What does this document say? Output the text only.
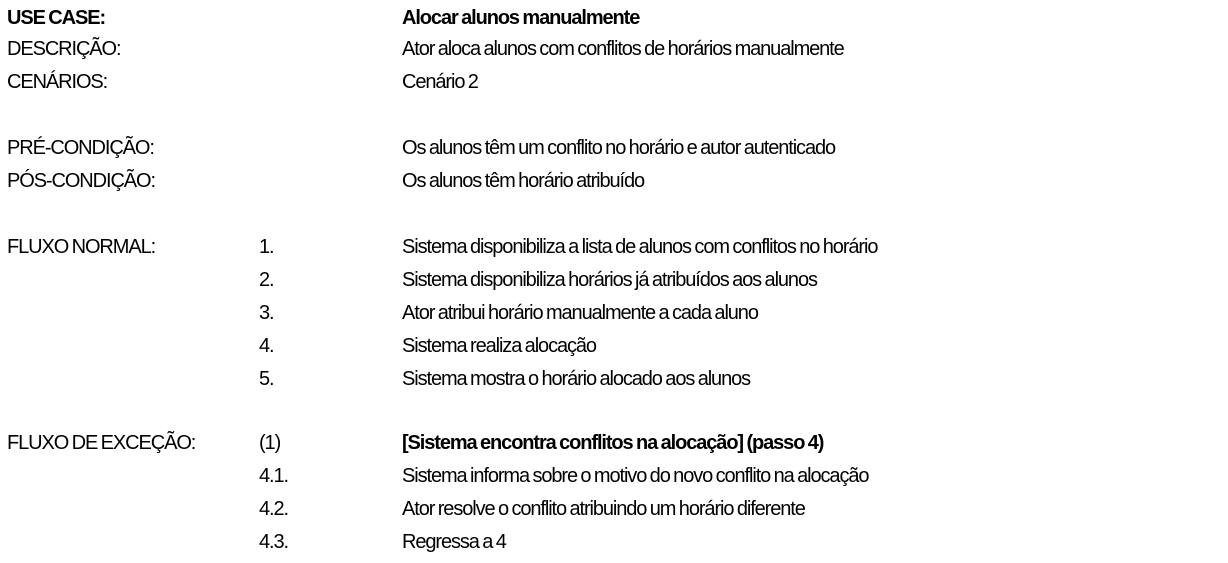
USE CASE:	Alocar alunos manualmente
DESCRIÇÃO:	Ator aloca alunos com conflitos de horários manualmente
CENÁRIOS:	Cenário 2
PRÉ-CONDIÇÃO:	Os alunos têm um conflito no horário e autor autenticado
PÓS-CONDIÇÃO:	Os alunos têm horário atribuído
FLUXO NORMAL:	1.	Sistema disponibiliza a lista de alunos com conflitos no horário
2.	Sistema disponibiliza horários já atribuídos aos alunos
3.	Ator atribui horário manualmente a cada aluno
4.	Sistema realiza alocação
5.	Sistema mostra o horário alocado aos alunos
FLUXO DE EXCEÇÃO:	(1)	[Sistema encontra conflitos na alocação] (passo 4)
4.1.	Sistema informa sobre o motivo do novo conflito na alocação
4.2.	Ator resolve o conflito atribuindo um horário diferente
4.3.	Regressa a 4
